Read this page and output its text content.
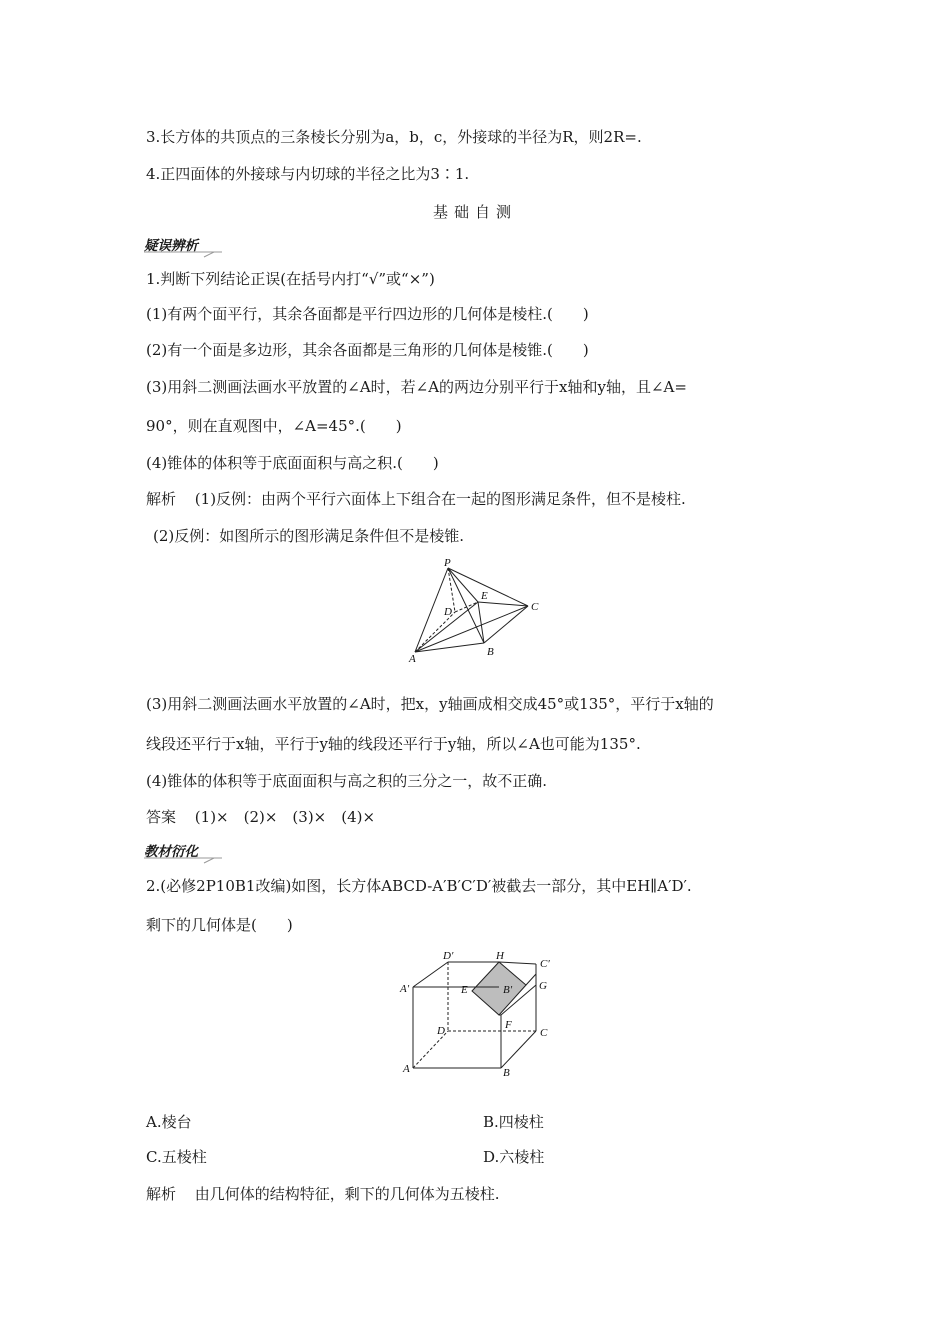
3.长方体的共顶点的三条棱长分别为a，b，c，外接球的半径为R，则2R=.
4.正四面体的外接球与内切球的半径之比为3∶1.
基础自测
疑误辨析
1.判断下列结论正误(在括号内打“√”或“×”)
(1)有两个面平行，其余各面都是平行四边形的几何体是棱柱.(　　)
(2)有一个面是多边形，其余各面都是三角形的几何体是棱锥.(　　)
(3)用斜二测画法画水平放置的∠A时，若∠A的两边分别平行于x轴和y轴，且∠A=
90°，则在直观图中，∠A=45°.(　　)
(4)锥体的体积等于底面面积与高之积.(　　)
解析 (1)反例：由两个平行六面体上下组合在一起的图形满足条件，但不是棱柱.
(2)反例：如图所示的图形满足条件但不是棱锥.
P
D
E
C
A
B
(3)用斜二测画法画水平放置的∠A时，把x，y轴画成相交成45°或135°，平行于x轴的
线段还平行于x轴，平行于y轴的线段还平行于y轴，所以∠A也可能为135°.
(4)锥体的体积等于底面面积与高之积的三分之一，故不正确.
答案 (1)×　(2)×　(3)×　(4)×
教材衍化
2.(必修2P10B1改编)如图，长方体ABCD-A′B′C′D′被截去一部分，其中EH∥A′D′.
剩下的几何体是(　　)
D′	H
C′
A′	E	B′ G
D	F
C
A	B
A.棱台	B.四棱柱
C.五棱柱	D.六棱柱
解析 由几何体的结构特征，剩下的几何体为五棱柱.
